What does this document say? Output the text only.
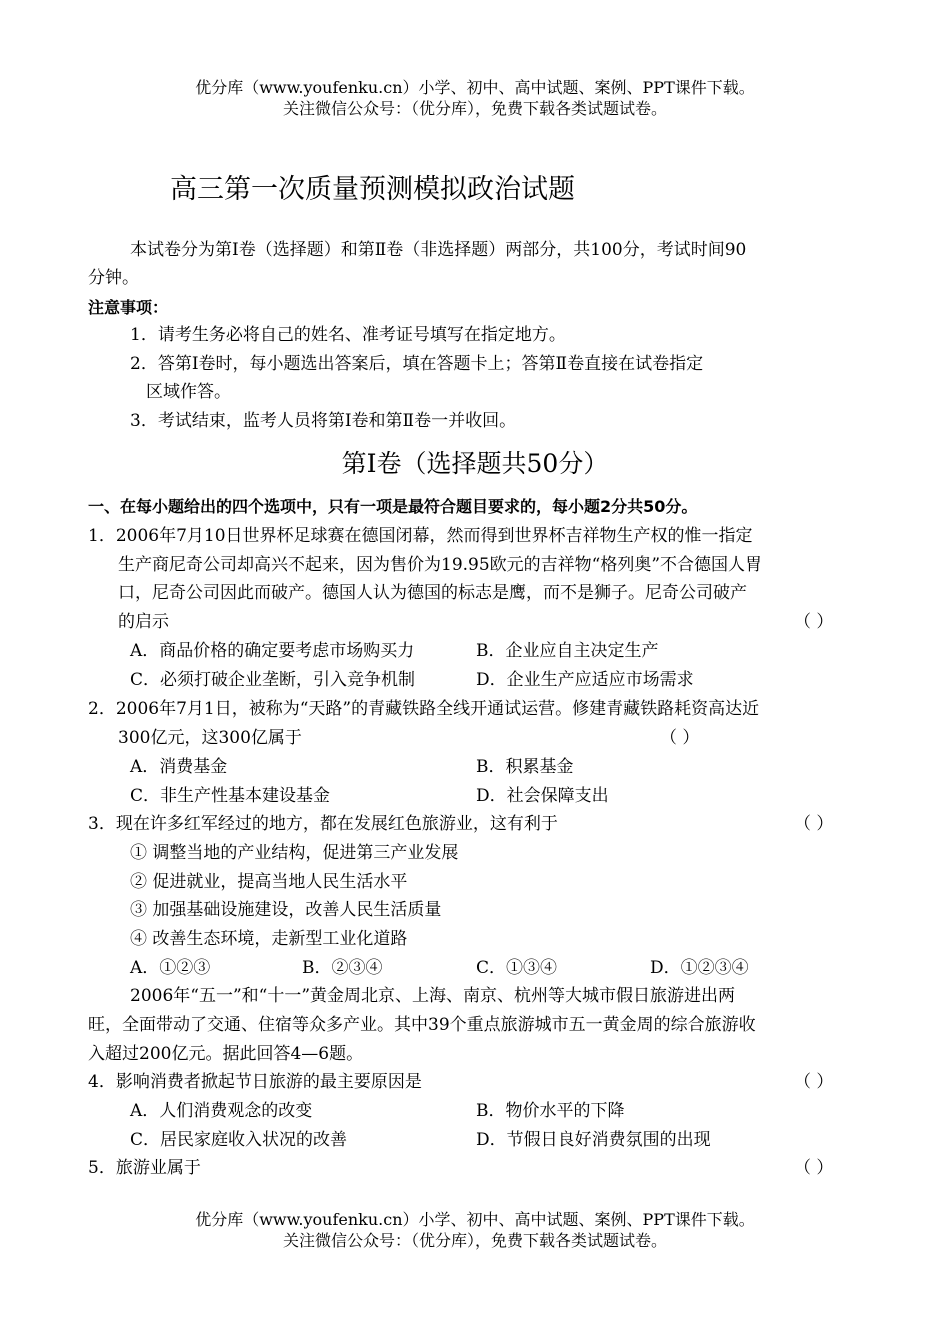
优分库（www.youfenku.cn）小学、初中、高中试题、案例、PPT课件下载。
关注微信公众号：（优分库），免费下载各类试题试卷。
高三第一次质量预测模拟政治试题
本试卷分为第Ⅰ卷（选择题）和第Ⅱ卷（非选择题）两部分，共100分，考试时间90
分钟。
注意事项：
1．请考生务必将自己的姓名、准考证号填写在指定地方。
2．答第Ⅰ卷时，每小题选出答案后，填在答题卡上；答第Ⅱ卷直接在试卷指定
区域作答。
3．考试结束，监考人员将第Ⅰ卷和第Ⅱ卷一并收回。
第Ⅰ卷（选择题共50分）
一、在每小题给出的四个选项中，只有一项是最符合题目要求的，每小题2分共50分。
1．2006年7月10日世界杯足球赛在德国闭幕，然而得到世界杯吉祥物生产权的惟一指定
生产商尼奇公司却高兴不起来，因为售价为19.95欧元的吉祥物“格列奥”不合德国人胃
口，尼奇公司因此而破产。德国人认为德国的标志是鹰，而不是狮子。尼奇公司破产
的启示	（ ）
A．商品价格的确定要考虑市场购买力	B．企业应自主决定生产
C．必须打破企业垄断，引入竞争机制	D．企业生产应适应市场需求
2．2006年7月1日，被称为“天路”的青藏铁路全线开通试运营。修建青藏铁路耗资高达近
300亿元，这300亿属于	（ ）
A．消费基金	B．积累基金
C．非生产性基本建设基金	D．社会保障支出
3．现在许多红军经过的地方，都在发展红色旅游业，这有利于	（ ）
① 调整当地的产业结构，促进第三产业发展
② 促进就业，提高当地人民生活水平
③ 加强基础设施建设，改善人民生活质量
④ 改善生态环境，走新型工业化道路
A．①②③	B．②③④	C．①③④	D．①②③④
2006年“五一”和“十一”黄金周北京、上海、南京、杭州等大城市假日旅游进出两
旺，全面带动了交通、住宿等众多产业。其中39个重点旅游城市五一黄金周的综合旅游收
入超过200亿元。据此回答4—6题。
4．影响消费者掀起节日旅游的最主要原因是	（ ）
A．人们消费观念的改变	B．物价水平的下降
C．居民家庭收入状况的改善	D．节假日良好消费氛围的出现
5．旅游业属于	（ ）
优分库（www.youfenku.cn）小学、初中、高中试题、案例、PPT课件下载。
关注微信公众号：（优分库），免费下载各类试题试卷。
